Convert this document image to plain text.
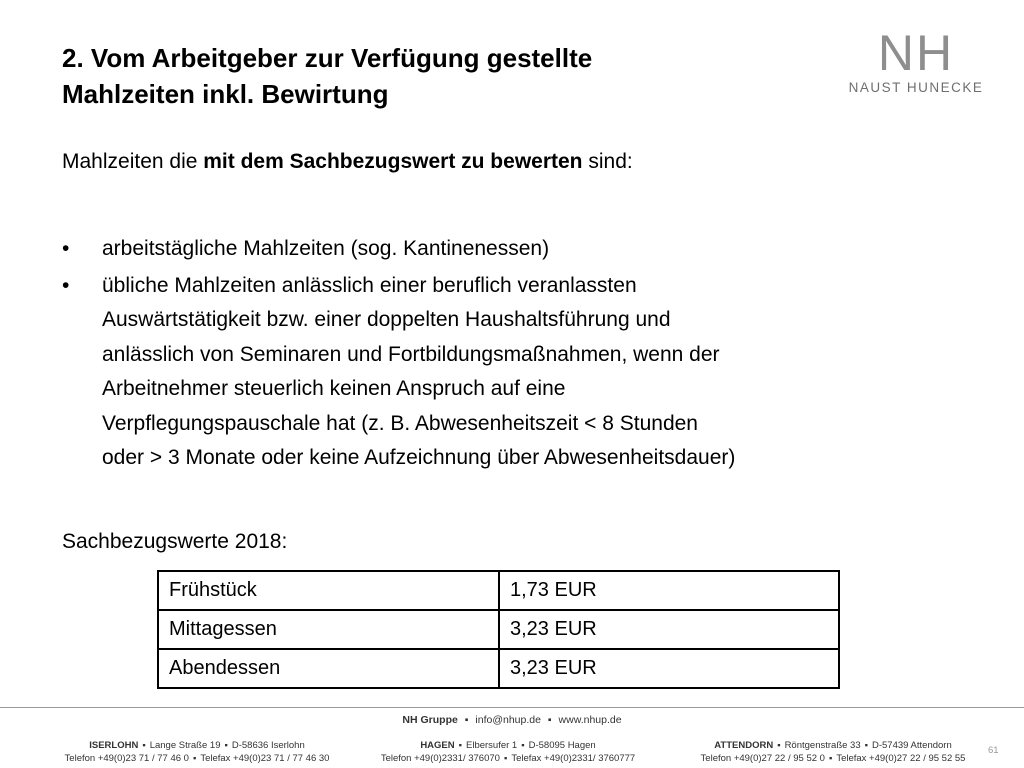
2. Vom Arbeitgeber zur Verfügung gestellte
Mahlzeiten inkl. Bewirtung
NH
NAUST HUNECKE
Mahlzeiten die mit dem Sachbezugswert zu bewerten sind:
• arbeitstägliche Mahlzeiten (sog. Kantinenessen)
• übliche Mahlzeiten anlässlich einer beruflich veranlassten
Auswärtstätigkeit bzw. einer doppelten Haushaltsführung und
anlässlich von Seminaren und Fortbildungsmaßnahmen, wenn der
Arbeitnehmer steuerlich keinen Anspruch auf eine
Verpflegungspauschale hat (z. B. Abwesenheitszeit < 8 Stunden
oder > 3 Monate oder keine Aufzeichnung über Abwesenheitsdauer)
Sachbezugswerte 2018:
Frühstück	1,73 EUR
Mittagessen	3,23 EUR
Abendessen	3,23 EUR
NH Gruppe ▪ info@nhup.de ▪ www.nhup.de
ISERLOHN ▪ Lange Straße 19 ▪ D-58636 Iserlohn
Telefon +49(0)23 71 / 77 46 0 ▪ Telefax +49(0)23 71 / 77 46 30
HAGEN ▪ Elbersufer 1 ▪ D-58095 Hagen
Telefon +49(0)2331/ 376070 ▪ Telefax +49(0)2331/ 3760777
ATTENDORN ▪ Röntgenstraße 33 ▪ D-57439 Attendorn
Telefon +49(0)27 22 / 95 52 0 ▪ Telefax +49(0)27 22 / 95 52 55
61
